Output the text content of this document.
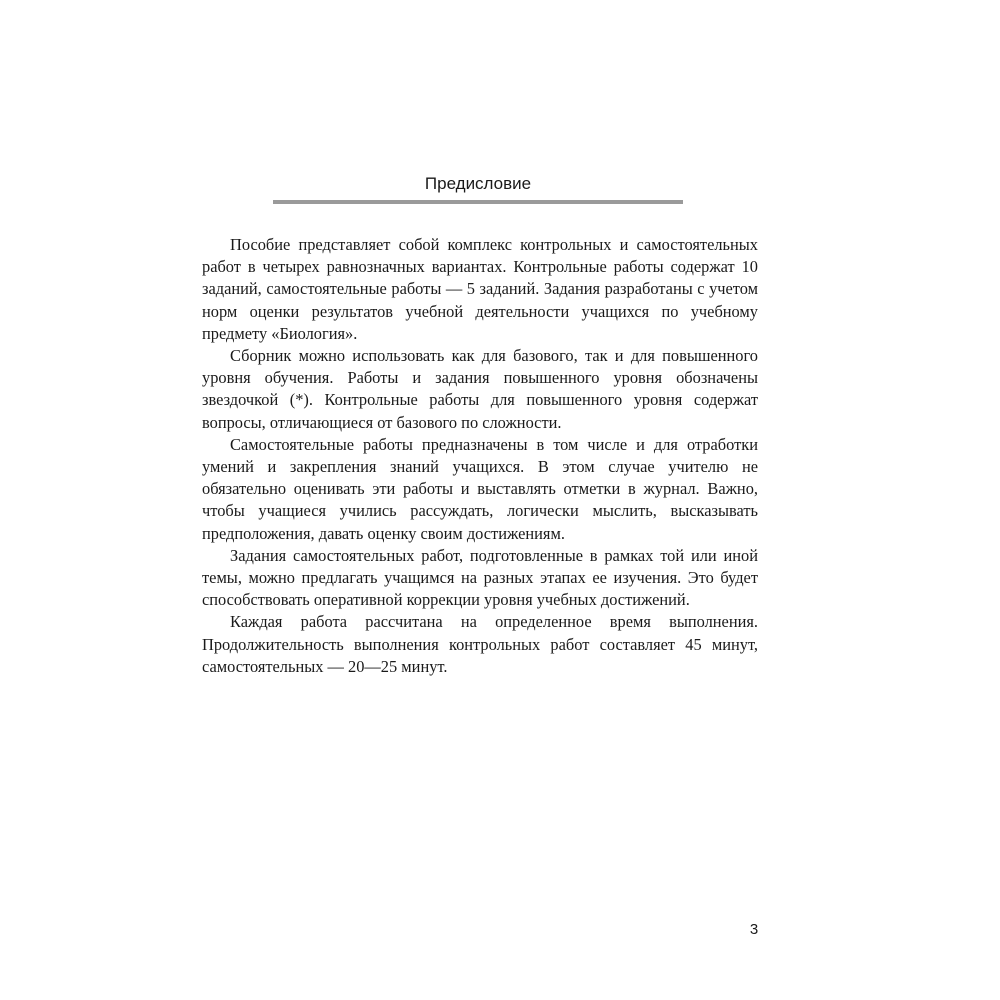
Предисловие

Пособие представляет собой комплекс контрольных и самостоятельных работ в четырех равнозначных вариантах. Контрольные работы содержат 10 заданий, самостоятельные работы — 5 заданий. Задания разработаны с учетом норм оценки результатов учебной деятельности учащихся по учебному предмету «Биология».

Сборник можно использовать как для базового, так и для повышенного уровня обучения. Работы и задания повышенного уровня обозначены звездочкой (*). Контрольные работы для повышенного уровня содержат вопросы, отличающиеся от базового по сложности.

Самостоятельные работы предназначены в том числе и для отработки умений и закрепления знаний учащихся. В этом случае учителю не обязательно оценивать эти работы и выставлять отметки в журнал. Важно, чтобы учащиеся учились рассуждать, логически мыслить, высказывать предположения, давать оценку своим достижениям.

Задания самостоятельных работ, подготовленные в рамках той или иной темы, можно предлагать учащимся на разных этапах ее изучения. Это будет способствовать оперативной коррекции уровня учебных достижений.

Каждая работа рассчитана на определенное время выполнения. Продолжительность выполнения контрольных работ составляет 45 минут, самостоятельных — 20—25 минут.

3
